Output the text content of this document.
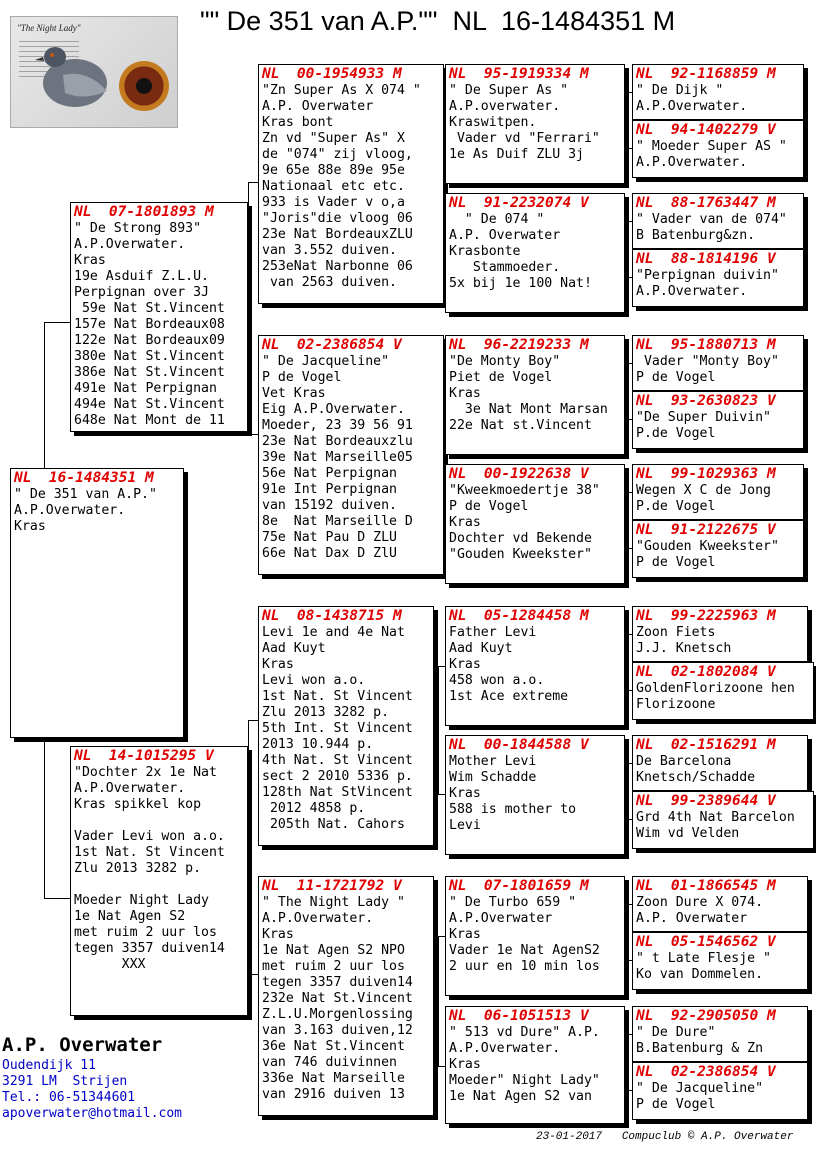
"" De 351 van A.P.""  NL  16-1484351 M
"The Night Lady"
NL  16-1484351 M
" De 351 van A.P."
A.P.Overwater.
Kras
NL  07-1801893 M
" De Strong 893"
A.P.Overwater.
Kras
19e Asduif Z.L.U.
Perpignan over 3J
59e Nat St.Vincent
157e Nat Bordeaux08
122e Nat Bordeaux09
380e Nat St.Vincent
386e Nat St.Vincent
491e Nat Perpignan
494e Nat St.Vincent
648e Nat Mont de 11
NL  14-1015295 V
"Dochter 2x 1e Nat
A.P.Overwater.
Kras spikkel kop

Vader Levi won a.o.
1st Nat. St Vincent
Zlu 2013 3282 p.

Moeder Night Lady
1e Nat Agen S2
met ruim 2 uur los
tegen 3357 duiven14
XXX
NL  00-1954933 M
"Zn Super As X 074 "
A.P. Overwater
Kras bont
Zn vd "Super As" X
de "074" zij vloog,
9e 65e 88e 89e 95e
Nationaal etc etc.
933 is Vader v o,a
"Joris"die vloog 06
23e Nat BordeauxZLU
van 3.552 duiven.
253eNat Narbonne 06
van 2563 duiven.
NL  02-2386854 V
" De Jacqueline"
P de Vogel
Vet Kras
Eig A.P.Overwater.
Moeder, 23 39 56 91
23e Nat Bordeauxzlu
39e Nat Marseille05
56e Nat Perpignan
91e Int Perpignan
van 15192 duiven.
8e  Nat Marseille D
75e Nat Pau D ZLU
66e Nat Dax D ZlU
NL  08-1438715 M
Levi 1e and 4e Nat
Aad Kuyt
Kras
Levi won a.o.
1st Nat. St Vincent
Zlu 2013 3282 p.
5th Int. St Vincent
2013 10.944 p.
4th Nat. St Vincent
sect 2 2010 5336 p.
128th Nat StVincent
2012 4858 p.
205th Nat. Cahors
NL  11-1721792 V
" The Night Lady "
A.P.Overwater.
Kras
1e Nat Agen S2 NPO
met ruim 2 uur los
tegen 3357 duiven14
232e Nat St.Vincent
Z.L.U.Morgenlossing
van 3.163 duiven,12
36e Nat St.Vincent
van 746 duivinnen
336e Nat Marseille
van 2916 duiven 13
NL  95-1919334 M
" De Super As "
A.P.overwater.
Kraswitpen.
Vader vd "Ferrari"
1e As Duif ZLU 3j
NL  91-2232074 V
" De 074 "
A.P. Overwater
Krasbonte
Stammoeder.
5x bij 1e 100 Nat!
NL  96-2219233 M
"De Monty Boy"
Piet de Vogel
Kras
3e Nat Mont Marsan
22e Nat st.Vincent
NL  00-1922638 V
"Kweekmoedertje 38"
P de Vogel
Kras
Dochter vd Bekende
"Gouden Kweekster"
NL  05-1284458 M
Father Levi
Aad Kuyt
Kras
458 won a.o.
1st Ace extreme
NL  00-1844588 V
Mother Levi
Wim Schadde
Kras
588 is mother to
Levi
NL  07-1801659 M
" De Turbo 659 "
A.P.Overwater
Kras
Vader 1e Nat AgenS2
2 uur en 10 min los
NL  06-1051513 V
" 513 vd Dure" A.P.
A.P.Overwater.
Kras
Moeder" Night Lady"
1e Nat Agen S2 van
NL  92-1168859 M
" De Dijk "
A.P.Overwater.
NL  94-1402279 V
" Moeder Super AS "
A.P.Overwater.
NL  88-1763447 M
" Vader van de 074"
B Batenburg&zn.
NL  88-1814196 V
"Perpignan duivin"
A.P.Overwater.
NL  95-1880713 M
Vader "Monty Boy"
P de Vogel
NL  93-2630823 V
"De Super Duivin"
P.de Vogel
NL  99-1029363 M
Wegen X C de Jong
P.de Vogel
NL  91-2122675 V
"Gouden Kweekster"
P de Vogel
NL  99-2225963 M
Zoon Fiets
J.J. Knetsch
NL  02-1802084 V
GoldenFlorizoone hen
Florizoone
NL  02-1516291 M
De Barcelona
Knetsch/Schadde
NL  99-2389644 V
Grd 4th Nat Barcelon
Wim vd Velden
NL  01-1866545 M
Zoon Dure X 074.
A.P. Overwater
NL  05-1546562 V
" t Late Flesje "
Ko van Dommelen.
NL  92-2905050 M
" De Dure"
B.Batenburg & Zn
NL  02-2386854 V
" De Jacqueline"
P de Vogel
A.P. Overwater
Oudendijk 11
3291 LM  Strijen
Tel.: 06-51344601
apoverwater@hotmail.com
23-01-2017   Compuclub © A.P. Overwater
